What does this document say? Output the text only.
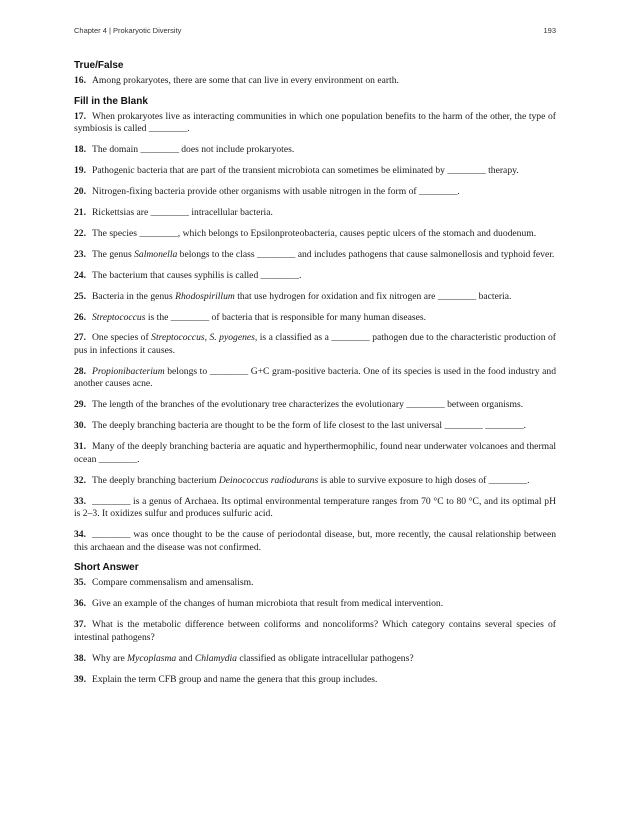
Chapter 4 | Prokaryotic Diversity	193
True/False

16. Among prokaryotes, there are some that can live in every environment on earth.

Fill in the Blank

17. When prokaryotes live as interacting communities in which one population benefits to the harm of the other, the type of symbiosis is called ________.

18. The domain ________ does not include prokaryotes.

19. Pathogenic bacteria that are part of the transient microbiota can sometimes be eliminated by ________ therapy.

20. Nitrogen-fixing bacteria provide other organisms with usable nitrogen in the form of ________.

21. Rickettsias are ________ intracellular bacteria.

22. The species ________, which belongs to Epsilonproteobacteria, causes peptic ulcers of the stomach and duodenum.

23. The genus Salmonella belongs to the class ________ and includes pathogens that cause salmonellosis and typhoid fever.

24. The bacterium that causes syphilis is called ________.

25. Bacteria in the genus Rhodospirillum that use hydrogen for oxidation and fix nitrogen are ________ bacteria.

26. Streptococcus is the ________ of bacteria that is responsible for many human diseases.

27. One species of Streptococcus, S. pyogenes, is a classified as a ________ pathogen due to the characteristic production of pus in infections it causes.

28. Propionibacterium belongs to ________ G+C gram-positive bacteria. One of its species is used in the food industry and another causes acne.

29. The length of the branches of the evolutionary tree characterizes the evolutionary ________ between organisms.

30. The deeply branching bacteria are thought to be the form of life closest to the last universal ________ ________.

31. Many of the deeply branching bacteria are aquatic and hyperthermophilic, found near underwater volcanoes and thermal ocean ________.

32. The deeply branching bacterium Deinococcus radiodurans is able to survive exposure to high doses of ________.

33. ________ is a genus of Archaea. Its optimal environmental temperature ranges from 70 °C to 80 °C, and its optimal pH is 2–3. It oxidizes sulfur and produces sulfuric acid.

34. ________ was once thought to be the cause of periodontal disease, but, more recently, the causal relationship between this archaean and the disease was not confirmed.

Short Answer

35. Compare commensalism and amensalism.

36. Give an example of the changes of human microbiota that result from medical intervention.

37. What is the metabolic difference between coliforms and noncoliforms? Which category contains several species of intestinal pathogens?

38. Why are Mycoplasma and Chlamydia classified as obligate intracellular pathogens?

39. Explain the term CFB group and name the genera that this group includes.
